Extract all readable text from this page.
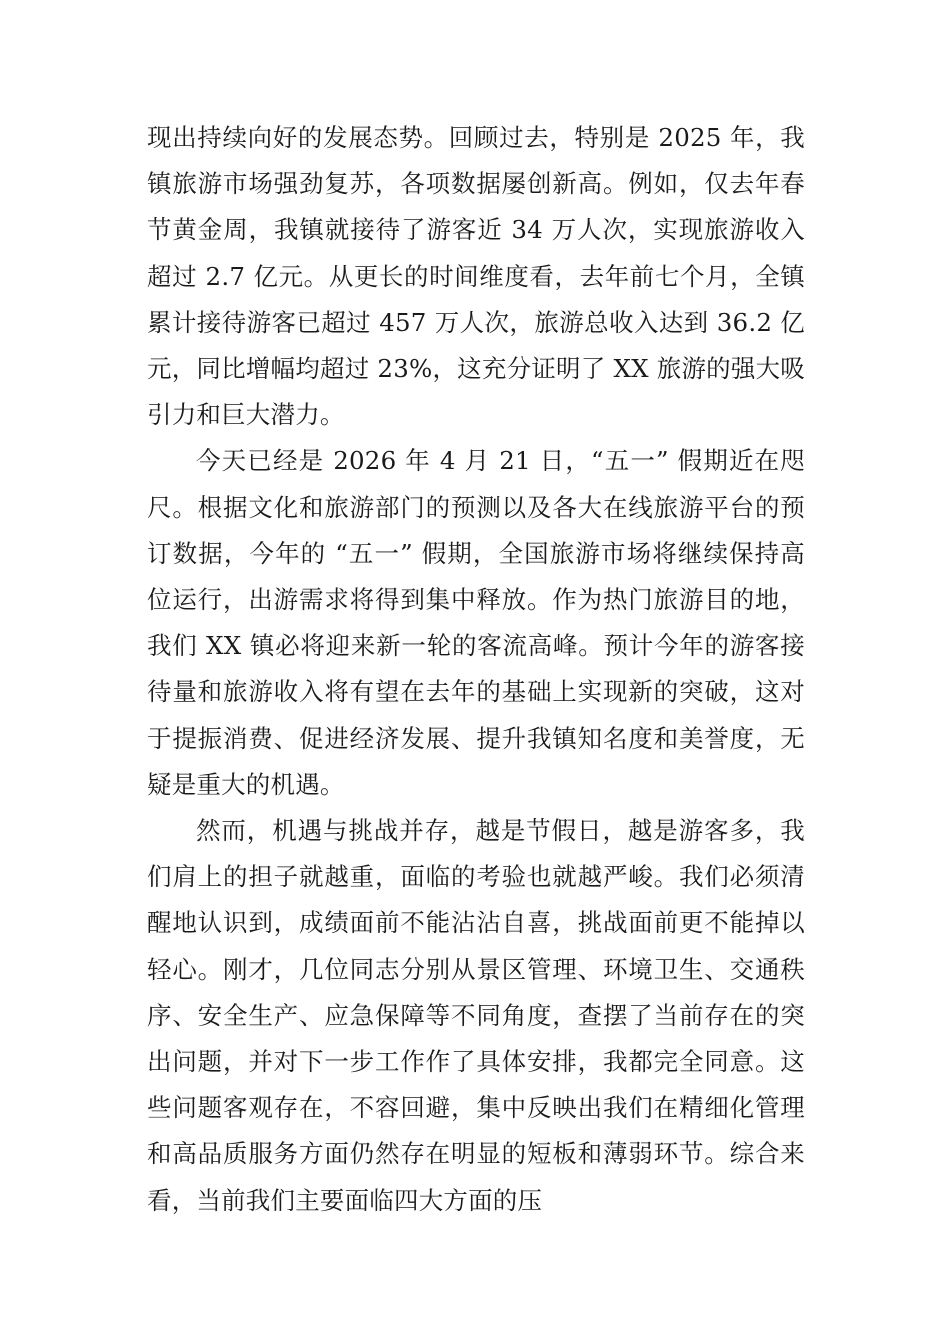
现出持续向好的发展态势。回顾过去，特别是 2025 年，我镇旅游市场强劲复苏，各项数据屡创新高。例如，仅去年春节黄金周，我镇就接待了游客近 34 万人次，实现旅游收入超过 2.7 亿元。从更长的时间维度看，去年前七个月，全镇累计接待游客已超过 457 万人次，旅游总收入达到 36.2 亿元，同比增幅均超过 23%，这充分证明了 XX 旅游的强大吸引力和巨大潜力。

今天已经是 2026 年 4 月 21 日，“五一” 假期近在咫尺。根据文化和旅游部门的预测以及各大在线旅游平台的预订数据，今年的 “五一” 假期，全国旅游市场将继续保持高位运行，出游需求将得到集中释放。作为热门旅游目的地，我们 XX 镇必将迎来新一轮的客流高峰。预计今年的游客接待量和旅游收入将有望在去年的基础上实现新的突破，这对于提振消费、促进经济发展、提升我镇知名度和美誉度，无疑是重大的机遇。

然而，机遇与挑战并存，越是节假日，越是游客多，我们肩上的担子就越重，面临的考验也就越严峻。我们必须清醒地认识到，成绩面前不能沾沾自喜，挑战面前更不能掉以轻心。刚才，几位同志分别从景区管理、环境卫生、交通秩序、安全生产、应急保障等不同角度，查摆了当前存在的突出问题，并对下一步工作作了具体安排，我都完全同意。这些问题客观存在，不容回避，集中反映出我们在精细化管理和高品质服务方面仍然存在明显的短板和薄弱环节。综合来看，当前我们主要面临四大方面的压
